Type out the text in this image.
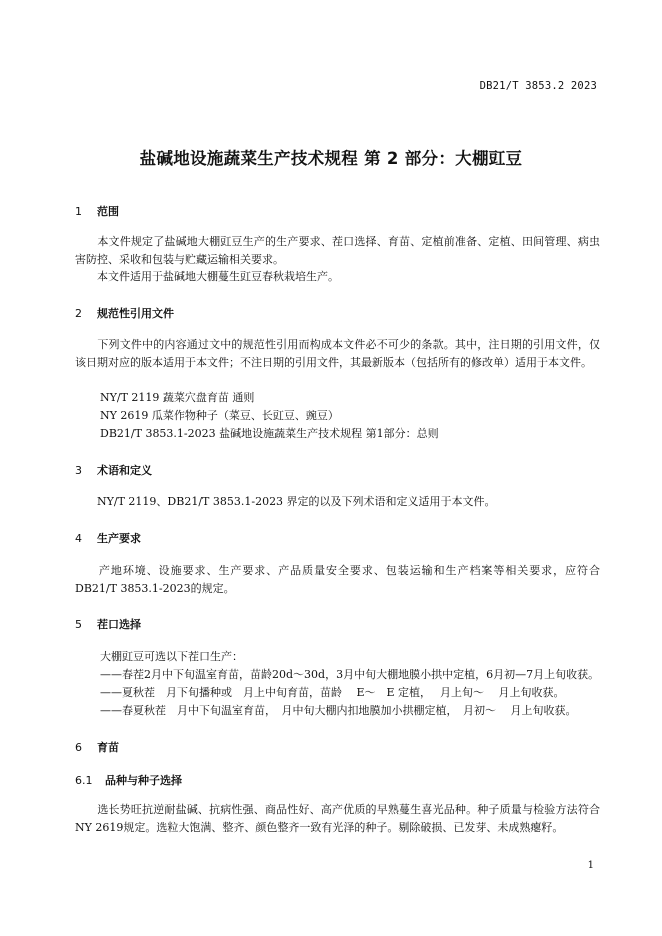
DB21/T 3853.2 2023
盐碱地设施蔬菜生产技术规程 第 2 部分：大棚豇豆
1 范围
　　本文件规定了盐碱地大棚豇豆生产的生产要求、茬口选择、育苗、定植前准备、定植、田间管理、病虫害防控、采收和包装与贮藏运输相关要求。
　　本文件适用于盐碱地大棚蔓生豇豆春秋栽培生产。
2 规范性引用文件
　　下列文件中的内容通过文中的规范性引用而构成本文件必不可少的条款。其中，注日期的引用文件，仅该日期对应的版本适用于本文件；不注日期的引用文件，其最新版本（包括所有的修改单）适用于本文件。
NY/T 2119 蔬菜穴盘育苗 通则
NY 2619 瓜菜作物种子（菜豆、长豇豆、豌豆）
DB21/T 3853.1-2023 盐碱地设施蔬菜生产技术规程 第1部分：总则
3 术语和定义
　　NY/T 2119、DB21/T 3853.1-2023 界定的以及下列术语和定义适用于本文件。
4 生产要求
　　产地环境、设施要求、生产要求、产品质量安全要求、包装运输和生产档案等相关要求，应符合DB21/T 3853.1-2023的规定。
5 茬口选择
大棚豇豆可选以下茬口生产：
——春茬2月中下旬温室育苗，苗龄20d～30d，3月中旬大棚地膜小拱中定植，6月初—7月上旬收获。
——夏秋茬　月下旬播种或　月上中旬育苗，苗龄　 E～　E 定植，　 月上旬～　 月上旬收获。
——春夏秋茬　月中下旬温室育苗，　月中旬大棚内扣地膜加小拱棚定植，　月初～　 月上旬收获。
6 育苗
6.1 品种与种子选择
　　选长势旺抗逆耐盐碱、抗病性强、商品性好、高产优质的早熟蔓生喜光品种。种子质量与检验方法符合NY 2619规定。选粒大饱满、整齐、颜色整齐一致有光泽的种子。剔除破损、已发芽、未成熟瘪籽。
1
